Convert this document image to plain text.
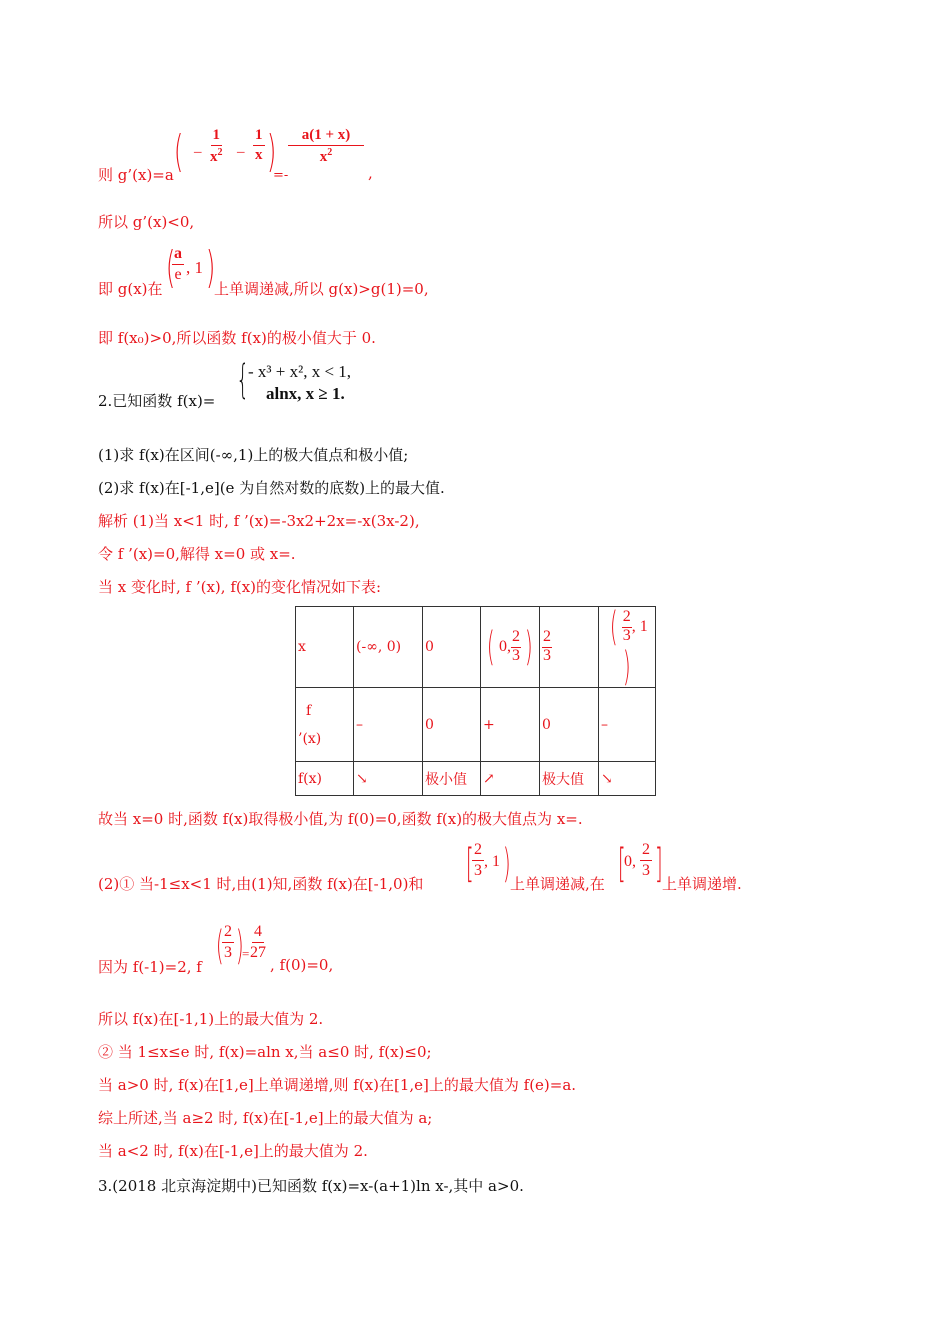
则 g’(x)=a ( – $\frac{1}{x^2} - \frac{1}{x}$ )
=-
$\frac{a(1 + x)}{x^2}$
,
所以 g’(x)<0,
即 g(x)在 (
$\frac{a}{e}$ , 1 )
上单调递减,所以 g(x)>g(1)=0,
即 f(x₀)>0,所以函数 f(x)的极小值大于 0.
2.已知函数 f(x)= {
- x³ + x², x < 1,
alnx, x ≥ 1.
(1)求 f(x)在区间(-∞,1)上的极大值点和极小值;
(2)求 f(x)在[-1,e](e 为自然对数的底数)上的最大值.
解析 (1)当 x<1 时, f ’(x)=-3x2+2x=-x(3x-2),
令 f ’(x)=0,解得 x=0 或 x=.
当 x 变化时, f ’(x), f(x)的变化情况如下表:
x	(-∞, 0)	0	( 0, $\frac{2}{3}$ )	$\frac{2}{3}$	( $\frac{2}{3}$ , 1)

f
’(x)	–	0	+	0	–
f(x)	↘	极小值	↗	极大值	↘
故当 x=0 时,函数 f(x)取得极小值,为 f(0)=0,函数 f(x)的极大值点为 x=.
(2)① 当-1≤x<1 时,由(1)知,函数 f(x)在[-1,0)和 [
$\frac{2}{3}$ , 1 ) 上单调递减,在 [
0, $\frac{2}{3}$ ] 上单调递增.
因为 f(-1)=2, f (
$\frac{2}{3}$ )
=
$\frac{4}{27}$
, f(0)=0,
所以 f(x)在[-1,1)上的最大值为 2.
② 当 1≤x≤e 时, f(x)=aln x,当 a≤0 时, f(x)≤0;
当 a>0 时, f(x)在[1,e]上单调递增,则 f(x)在[1,e]上的最大值为 f(e)=a.
综上所述,当 a≥2 时, f(x)在[-1,e]上的最大值为 a;
当 a<2 时, f(x)在[-1,e]上的最大值为 2.
3.(2018 北京海淀期中)已知函数 f(x)=x-(a+1)ln x-,其中 a>0.
